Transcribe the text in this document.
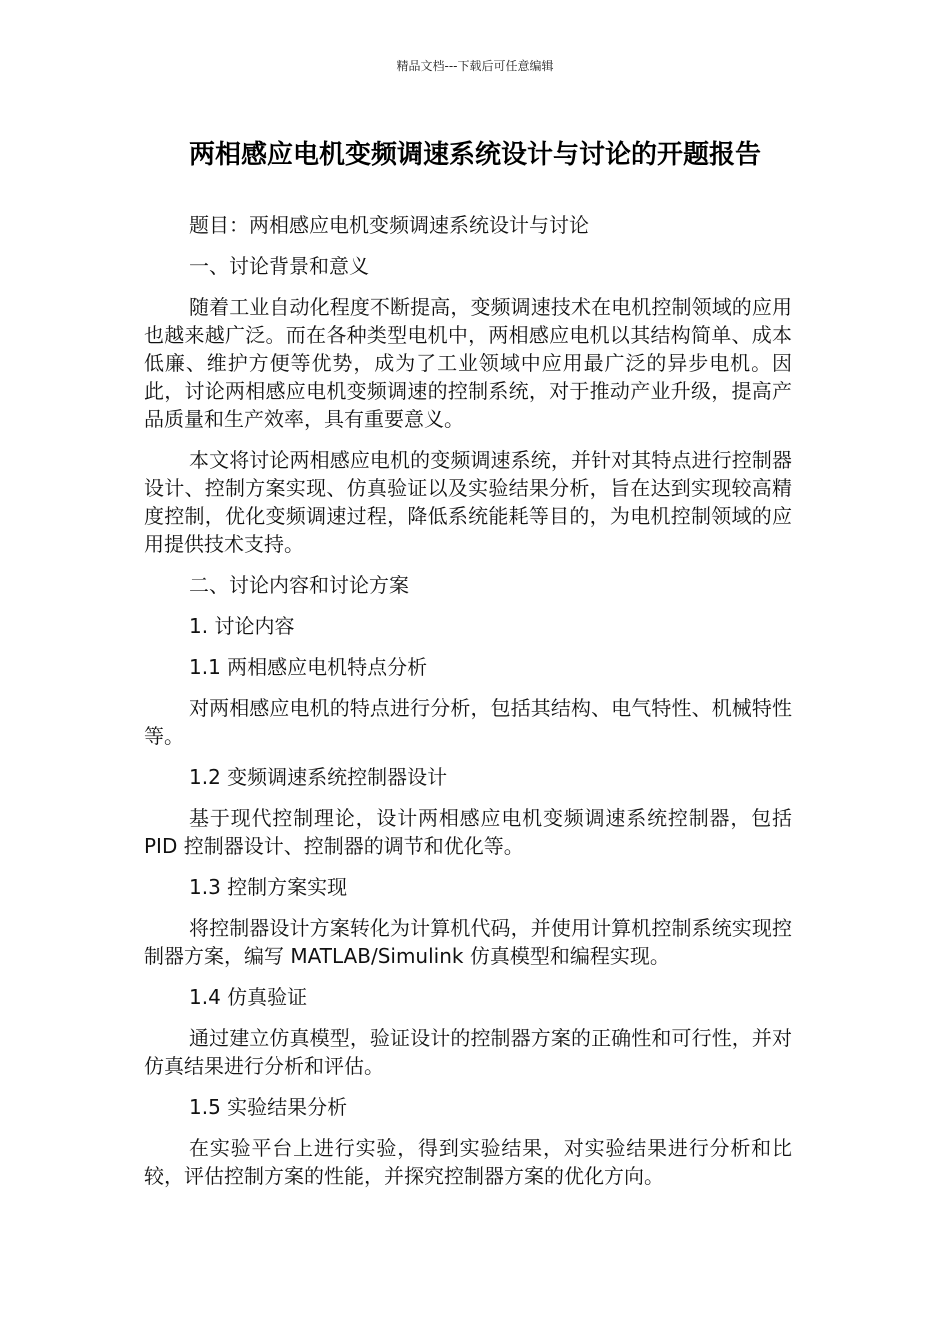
精品文档---下载后可任意编辑
两相感应电机变频调速系统设计与讨论的开题报告

题目：两相感应电机变频调速系统设计与讨论

一、讨论背景和意义

随着工业自动化程度不断提高，变频调速技术在电机控制领域的应用也越来越广泛。而在各种类型电机中，两相感应电机以其结构简单、成本低廉、维护方便等优势，成为了工业领域中应用最广泛的异步电机。因此，讨论两相感应电机变频调速的控制系统，对于推动产业升级，提高产品质量和生产效率，具有重要意义。

本文将讨论两相感应电机的变频调速系统，并针对其特点进行控制器设计、控制方案实现、仿真验证以及实验结果分析，旨在达到实现较高精度控制，优化变频调速过程，降低系统能耗等目的，为电机控制领域的应用提供技术支持。

二、讨论内容和讨论方案

1. 讨论内容

1.1 两相感应电机特点分析

对两相感应电机的特点进行分析，包括其结构、电气特性、机械特性等。

1.2 变频调速系统控制器设计

基于现代控制理论，设计两相感应电机变频调速系统控制器，包括 PID 控制器设计、控制器的调节和优化等。

1.3 控制方案实现

将控制器设计方案转化为计算机代码，并使用计算机控制系统实现控制器方案，编写 MATLAB/Simulink 仿真模型和编程实现。

1.4 仿真验证

通过建立仿真模型，验证设计的控制器方案的正确性和可行性，并对仿真结果进行分析和评估。

1.5 实验结果分析

在实验平台上进行实验，得到实验结果，对实验结果进行分析和比较，评估控制方案的性能，并探究控制器方案的优化方向。
